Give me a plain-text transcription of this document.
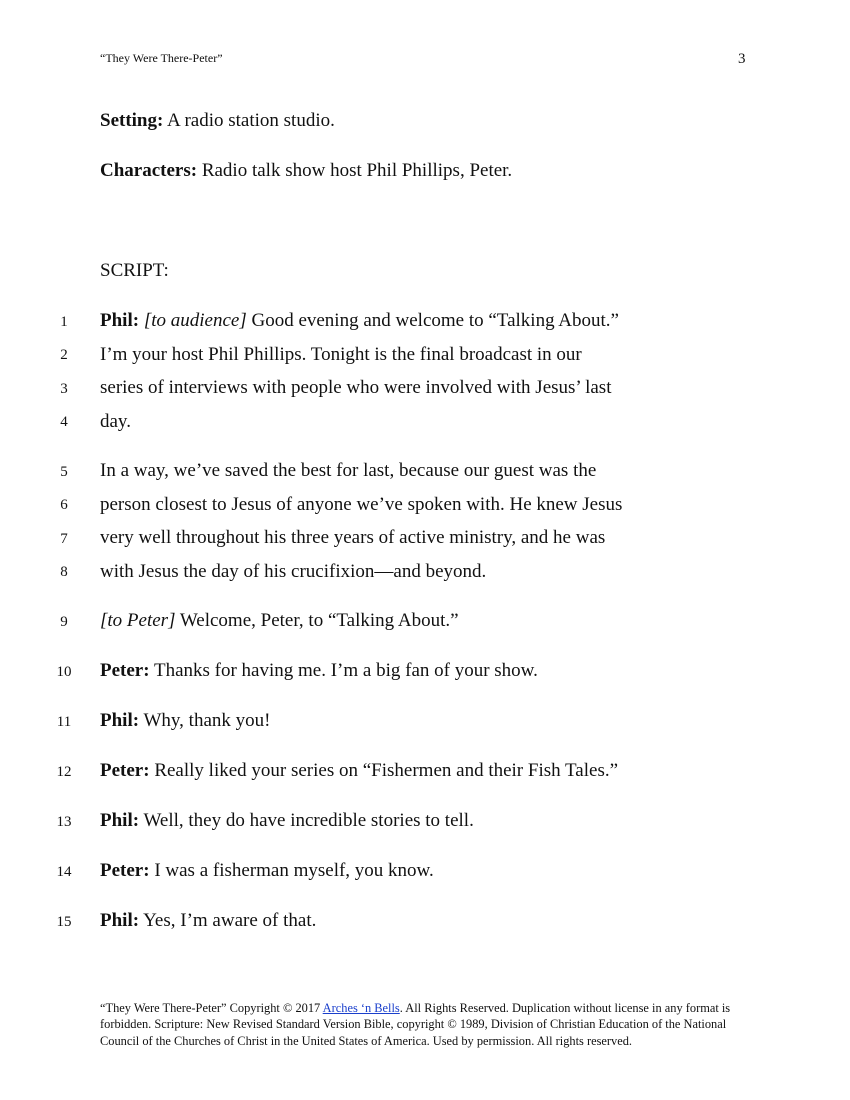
“They Were There-Peter”	3
Setting: A radio station studio.
Characters: Radio talk show host Phil Phillips, Peter.
SCRIPT:
1
2
3
4
5
6
7
8
9
10
11
12
13
14
15
Phil: [to audience] Good evening and welcome to “Talking About.”
I’m your host Phil Phillips. Tonight is the final broadcast in our
series of interviews with people who were involved with Jesus’ last
day.
In a way, we’ve saved the best for last, because our guest was the
person closest to Jesus of anyone we’ve spoken with. He knew Jesus
very well throughout his three years of active ministry, and he was
with Jesus the day of his crucifixion—and beyond.
[to Peter] Welcome, Peter, to “Talking About.”
Peter: Thanks for having me. I’m a big fan of your show.
Phil: Why, thank you!
Peter: Really liked your series on “Fishermen and their Fish Tales.”
Phil: Well, they do have incredible stories to tell.
Peter: I was a fisherman myself, you know.
Phil: Yes, I’m aware of that.
“They Were There-Peter” Copyright © 2017 Arches ‘n Bells. All Rights Reserved. Duplication without license in any format is forbidden. Scripture: New Revised Standard Version Bible, copyright © 1989, Division of Christian Education of the National Council of the Churches of Christ in the United States of America. Used by permission. All rights reserved.
